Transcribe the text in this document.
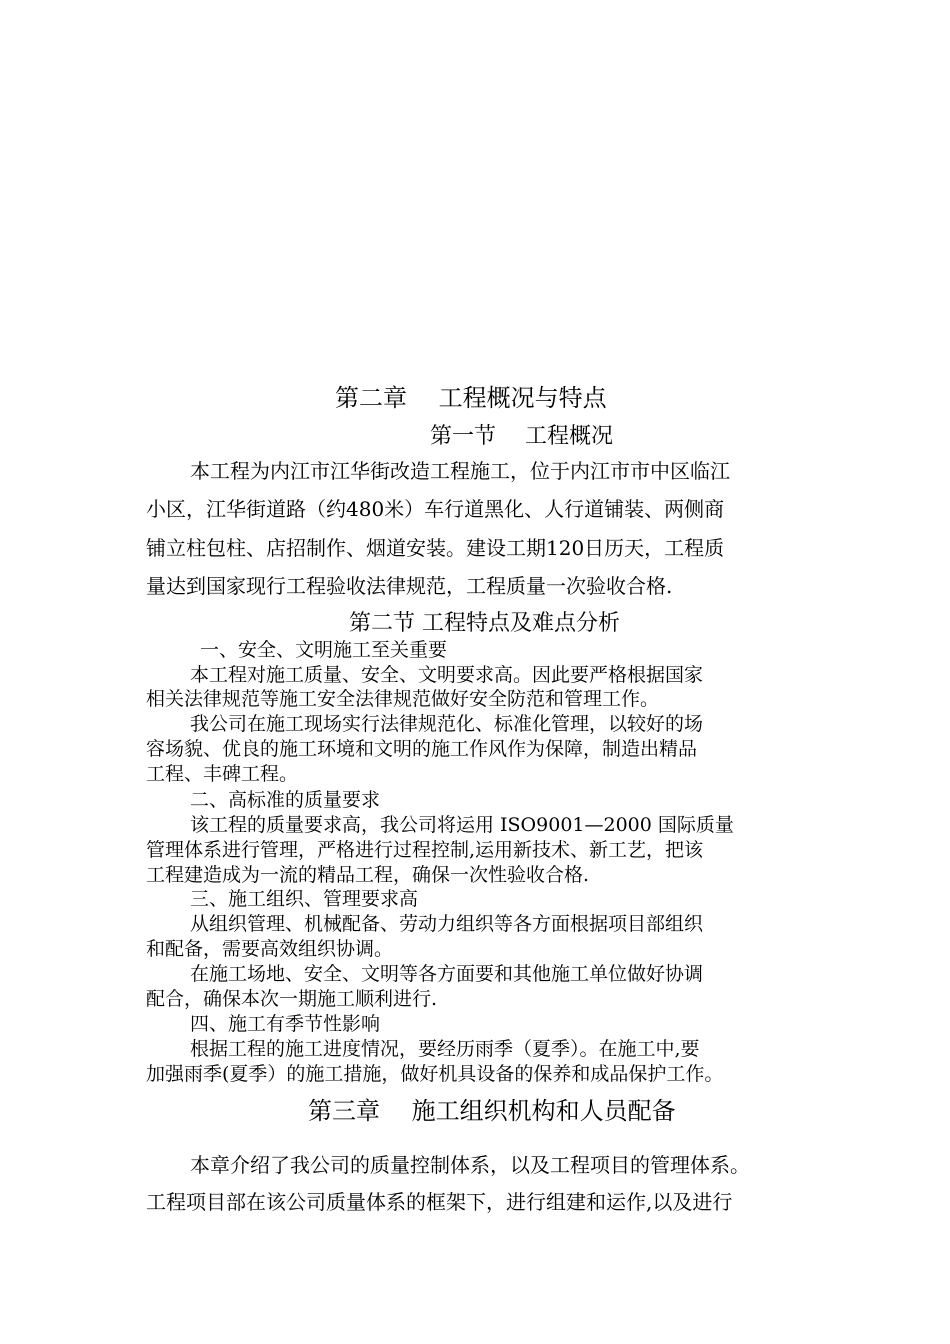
第二章　 工程概况与特点
第一节　 工程概况
本工程为内江市江华街改造工程施工，位于内江市市中区临江
小区，江华街道路（约480米）车行道黑化、人行道铺装、两侧商
铺立柱包柱、店招制作、烟道安装。建设工期120日历天，工程质
量达到国家现行工程验收法律规范，工程质量一次验收合格.
第二节 工程特点及难点分析
一、安全、文明施工至关重要
本工程对施工质量、安全、文明要求高。因此要严格根据国家
相关法律规范等施工安全法律规范做好安全防范和管理工作。
我公司在施工现场实行法律规范化、标准化管理，以较好的场
容场貌、优良的施工环境和文明的施工作风作为保障，制造出精品
工程、丰碑工程。
二、高标准的质量要求
该工程的质量要求高，我公司将运用 ISO9001—2000 国际质量
管理体系进行管理，严格进行过程控制,运用新技术、新工艺，把该
工程建造成为一流的精品工程，确保一次性验收合格.
三、施工组织、管理要求高
从组织管理、机械配备、劳动力组织等各方面根据项目部组织
和配备，需要高效组织协调。
在施工场地、安全、文明等各方面要和其他施工单位做好协调
配合，确保本次一期施工顺利进行.
四、施工有季节性影响
根据工程的施工进度情况，要经历雨季（夏季）。在施工中,要
加强雨季(夏季）的施工措施，做好机具设备的保养和成品保护工作。
第三章　 施工组织机构和人员配备
本章介绍了我公司的质量控制体系，以及工程项目的管理体系。
工程项目部在该公司质量体系的框架下，进行组建和运作,以及进行
